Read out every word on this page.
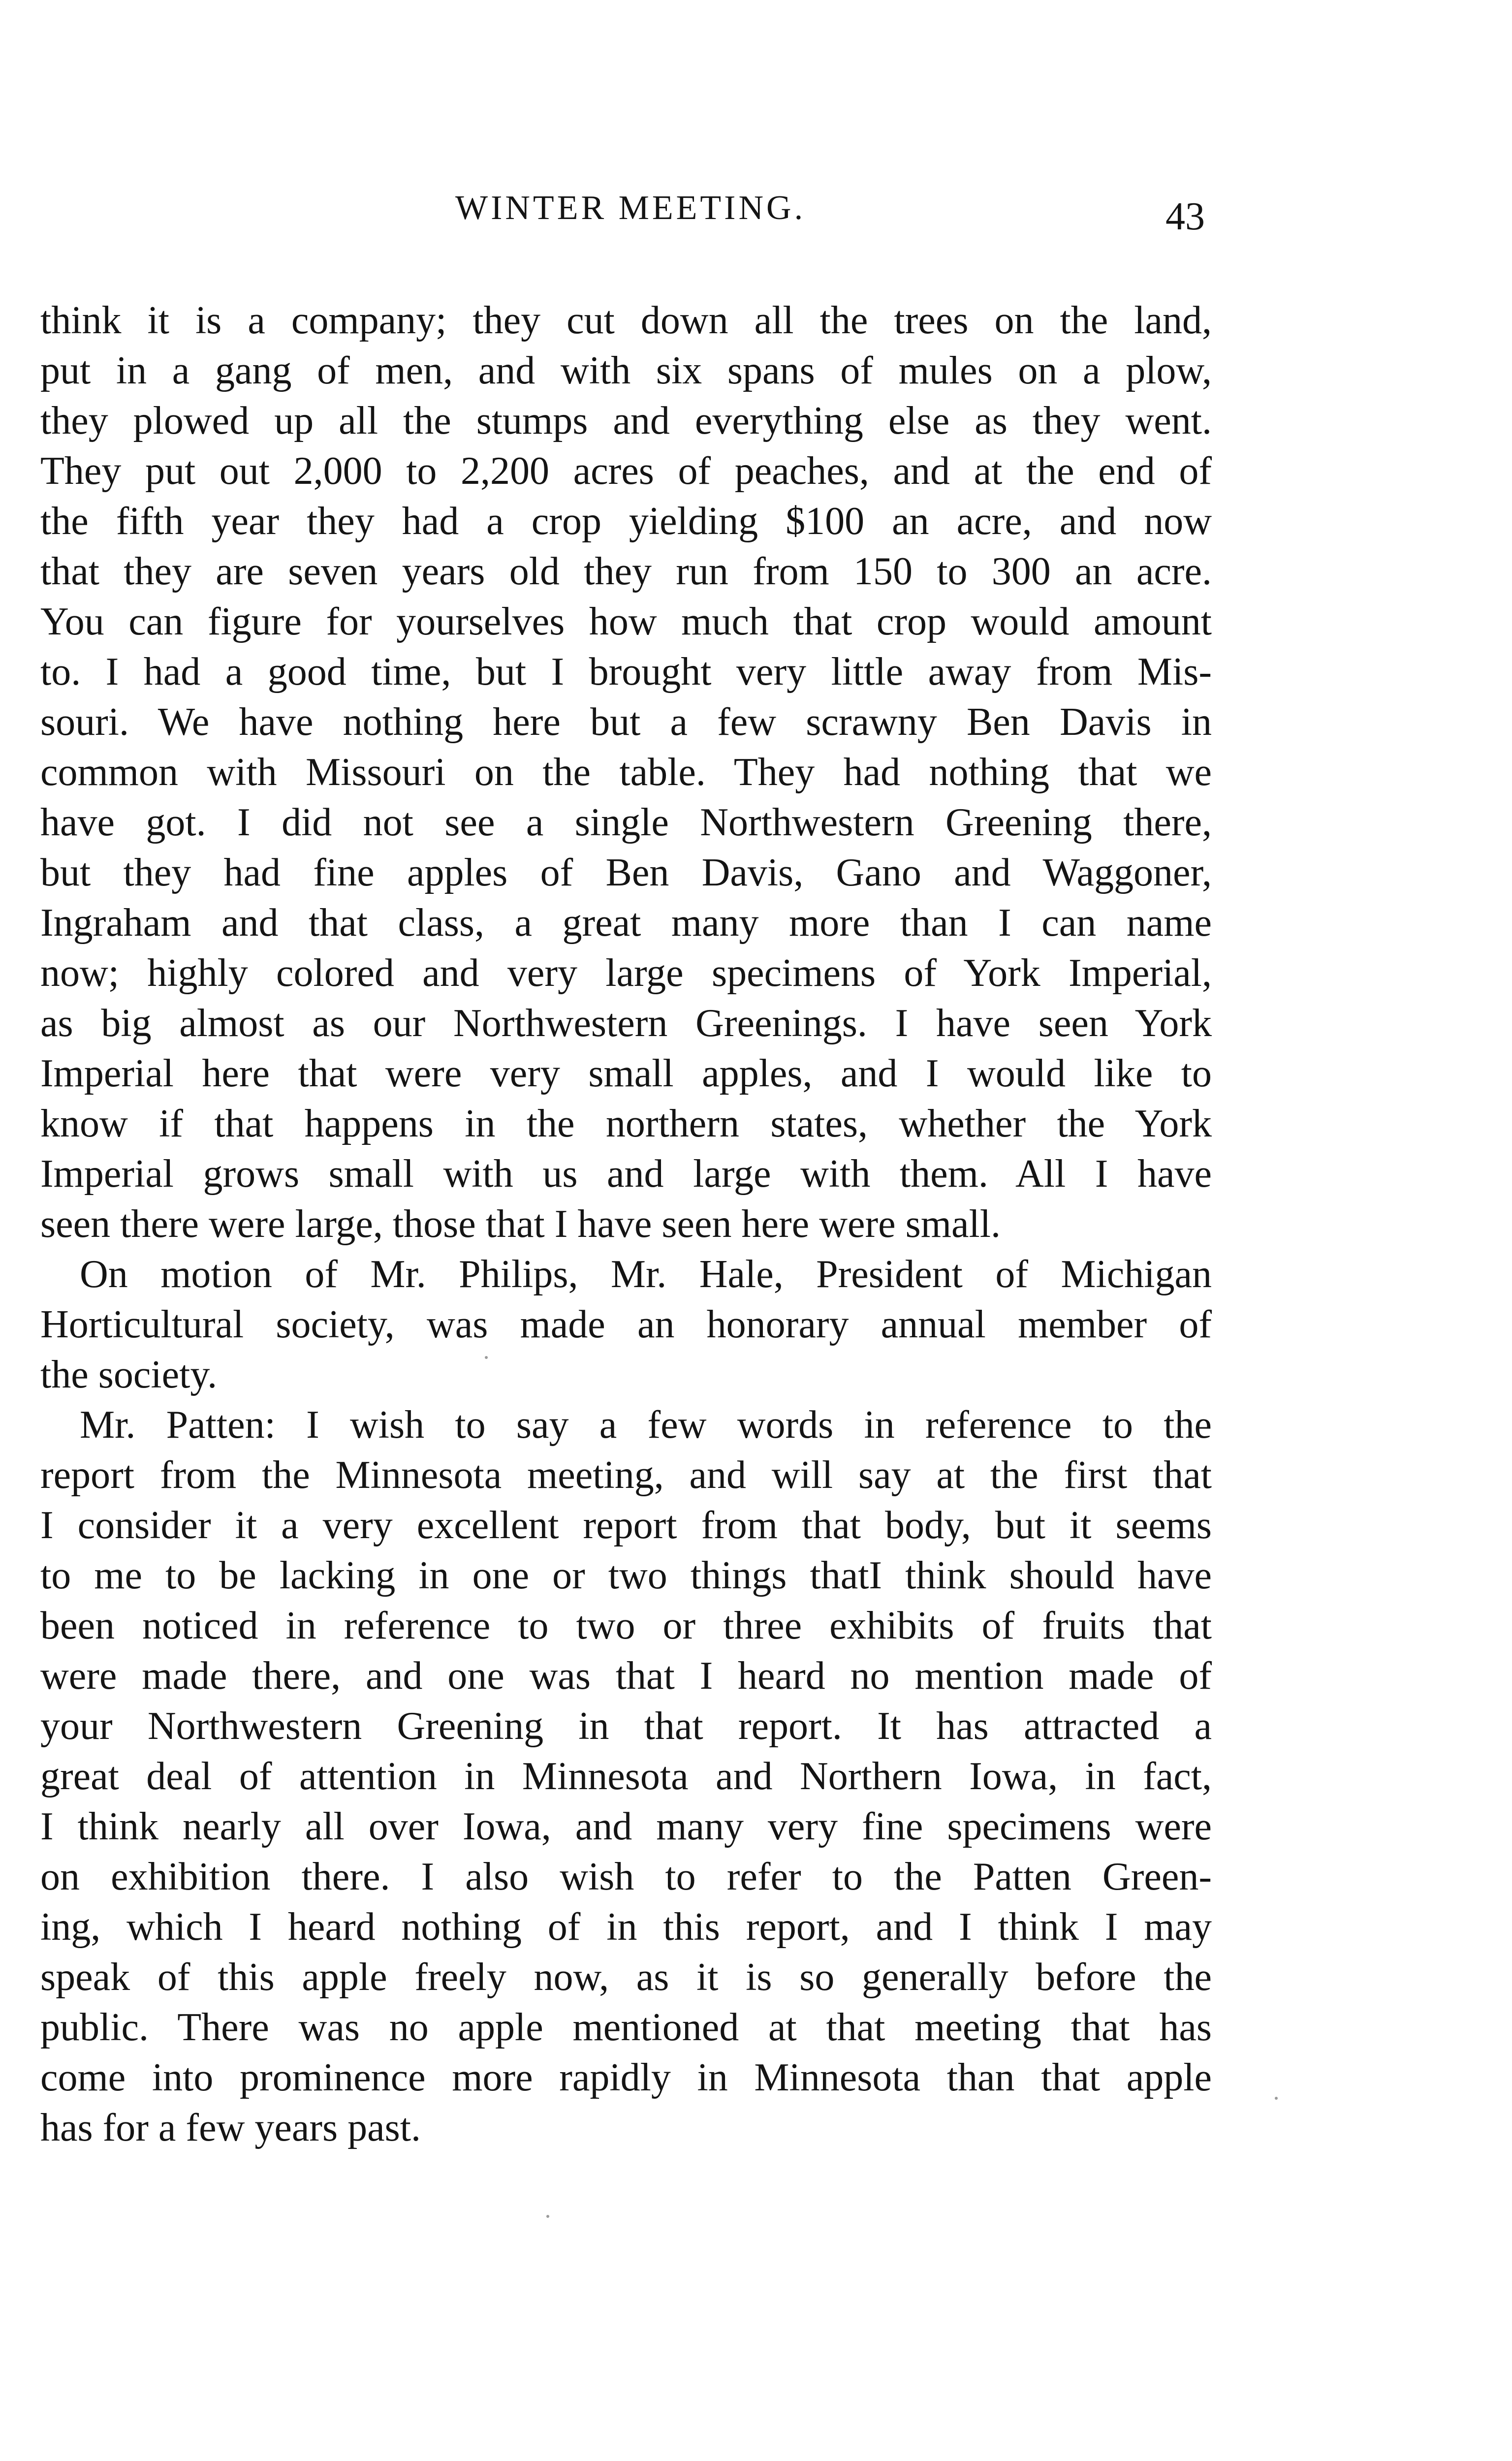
WINTER MEETING.	43
think it is a company; they cut down all the trees on the land,
put in a gang of men, and with six spans of mules on a plow,
they plowed up all the stumps and everything else as they went.
They put out 2,000 to 2,200 acres of peaches, and at the end of
the fifth year they had a crop yielding $100 an acre, and now
that they are seven years old they run from 150 to 300 an acre.
You can figure for yourselves how much that crop would amount
to. I had a good time, but I brought very little away from Mis-
souri. We have nothing here but a few scrawny Ben Davis in
common with Missouri on the table. They had nothing that we
have got. I did not see a single Northwestern Greening there,
but they had fine apples of Ben Davis, Gano and Waggoner,
Ingraham and that class, a great many more than I can name
now; highly colored and very large specimens of York Imperial,
as big almost as our Northwestern Greenings. I have seen York
Imperial here that were very small apples, and I would like to
know if that happens in the northern states, whether the York
Imperial grows small with us and large with them. All I have
seen there were large, those that I have seen here were small.
On motion of Mr. Philips, Mr. Hale, President of Michigan
Horticultural society, was made an honorary annual member of
the society.
Mr. Patten: I wish to say a few words in reference to the
report from the Minnesota meeting, and will say at the first that
I consider it a very excellent report from that body, but it seems
to me to be lacking in one or two things thatI think should have
been noticed in reference to two or three exhibits of fruits that
were made there, and one was that I heard no mention made of
your Northwestern Greening in that report. It has attracted a
great deal of attention in Minnesota and Northern Iowa, in fact,
I think nearly all over Iowa, and many very fine specimens were
on exhibition there. I also wish to refer to the Patten Green-
ing, which I heard nothing of in this report, and I think I may
speak of this apple freely now, as it is so generally before the
public. There was no apple mentioned at that meeting that has
come into prominence more rapidly in Minnesota than that apple
has for a few years past.
